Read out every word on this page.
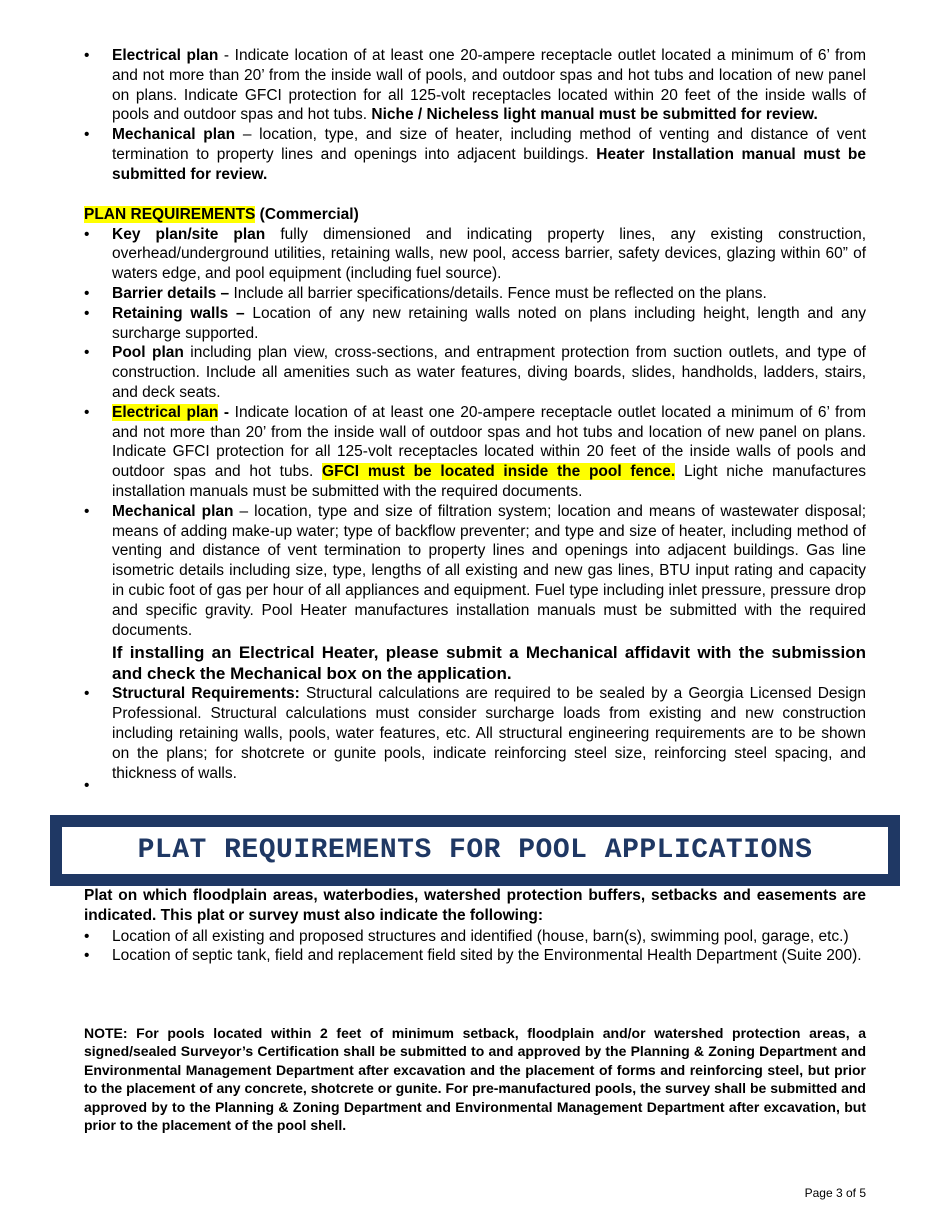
• Electrical plan - Indicate location of at least one 20-ampere receptacle outlet located a minimum of 6’ from and not more than 20’ from the inside wall of pools, and outdoor spas and hot tubs and location of new panel on plans. Indicate GFCI protection for all 125-volt receptacles located within 20 feet of the inside walls of pools and outdoor spas and hot tubs. Niche / Nicheless light manual must be submitted for review.
• Mechanical plan – location, type, and size of heater, including method of venting and distance of vent termination to property lines and openings into adjacent buildings. Heater Installation manual must be submitted for review.

PLAN REQUIREMENTS (Commercial)

• Key plan/site plan fully dimensioned and indicating property lines, any existing construction, overhead/underground utilities, retaining walls, new pool, access barrier, safety devices, glazing within 60” of waters edge, and pool equipment (including fuel source).
• Barrier details – Include all barrier specifications/details. Fence must be reflected on the plans.
• Retaining walls – Location of any new retaining walls noted on plans including height, length and any surcharge supported.
• Pool plan including plan view, cross-sections, and entrapment protection from suction outlets, and type of construction. Include all amenities such as water features, diving boards, slides, handholds, ladders, stairs, and deck seats.
• Electrical plan - Indicate location of at least one 20-ampere receptacle outlet located a minimum of 6’ from and not more than 20’ from the inside wall of outdoor spas and hot tubs and location of new panel on plans. Indicate GFCI protection for all 125-volt receptacles located within 20 feet of the inside walls of pools and outdoor spas and hot tubs. GFCI must be located inside the pool fence. Light niche manufactures installation manuals must be submitted with the required documents.
• Mechanical plan – location, type and size of filtration system; location and means of wastewater disposal; means of adding make-up water; type of backflow preventer; and type and size of heater, including method of venting and distance of vent termination to property lines and openings into adjacent buildings. Gas line isometric details including size, type, lengths of all existing and new gas lines, BTU input rating and capacity in cubic foot of gas per hour of all appliances and equipment. Fuel type including inlet pressure, pressure drop and specific gravity. Pool Heater manufactures installation manuals must be submitted with the required documents.

If installing an Electrical Heater, please submit a Mechanical affidavit with the submission and check the Mechanical box on the application.

• Structural Requirements: Structural calculations are required to be sealed by a Georgia Licensed Design Professional. Structural calculations must consider surcharge loads from existing and new construction including retaining walls, pools, water features, etc. All structural engineering requirements are to be shown on the plans; for shotcrete or gunite pools, indicate reinforcing steel size, reinforcing steel spacing, and thickness of walls.
•
PLAT REQUIREMENTS FOR POOL APPLICATIONS

Plat on which floodplain areas, waterbodies, watershed protection buffers, setbacks and easements are indicated. This plat or survey must also indicate the following:

• Location of all existing and proposed structures and identified (house, barn(s), swimming pool, garage, etc.)
• Location of septic tank, field and replacement field sited by the Environmental Health Department (Suite 200).

NOTE: For pools located within 2 feet of minimum setback, floodplain and/or watershed protection areas, a signed/sealed Surveyor’s Certification shall be submitted to and approved by the Planning & Zoning Department and Environmental Management Department after excavation and the placement of forms and reinforcing steel, but prior to the placement of any concrete, shotcrete or gunite. For pre-manufactured pools, the survey shall be submitted and approved by to the Planning & Zoning Department and Environmental Management Department after excavation, but prior to the placement of the pool shell.

Page 3 of 5
